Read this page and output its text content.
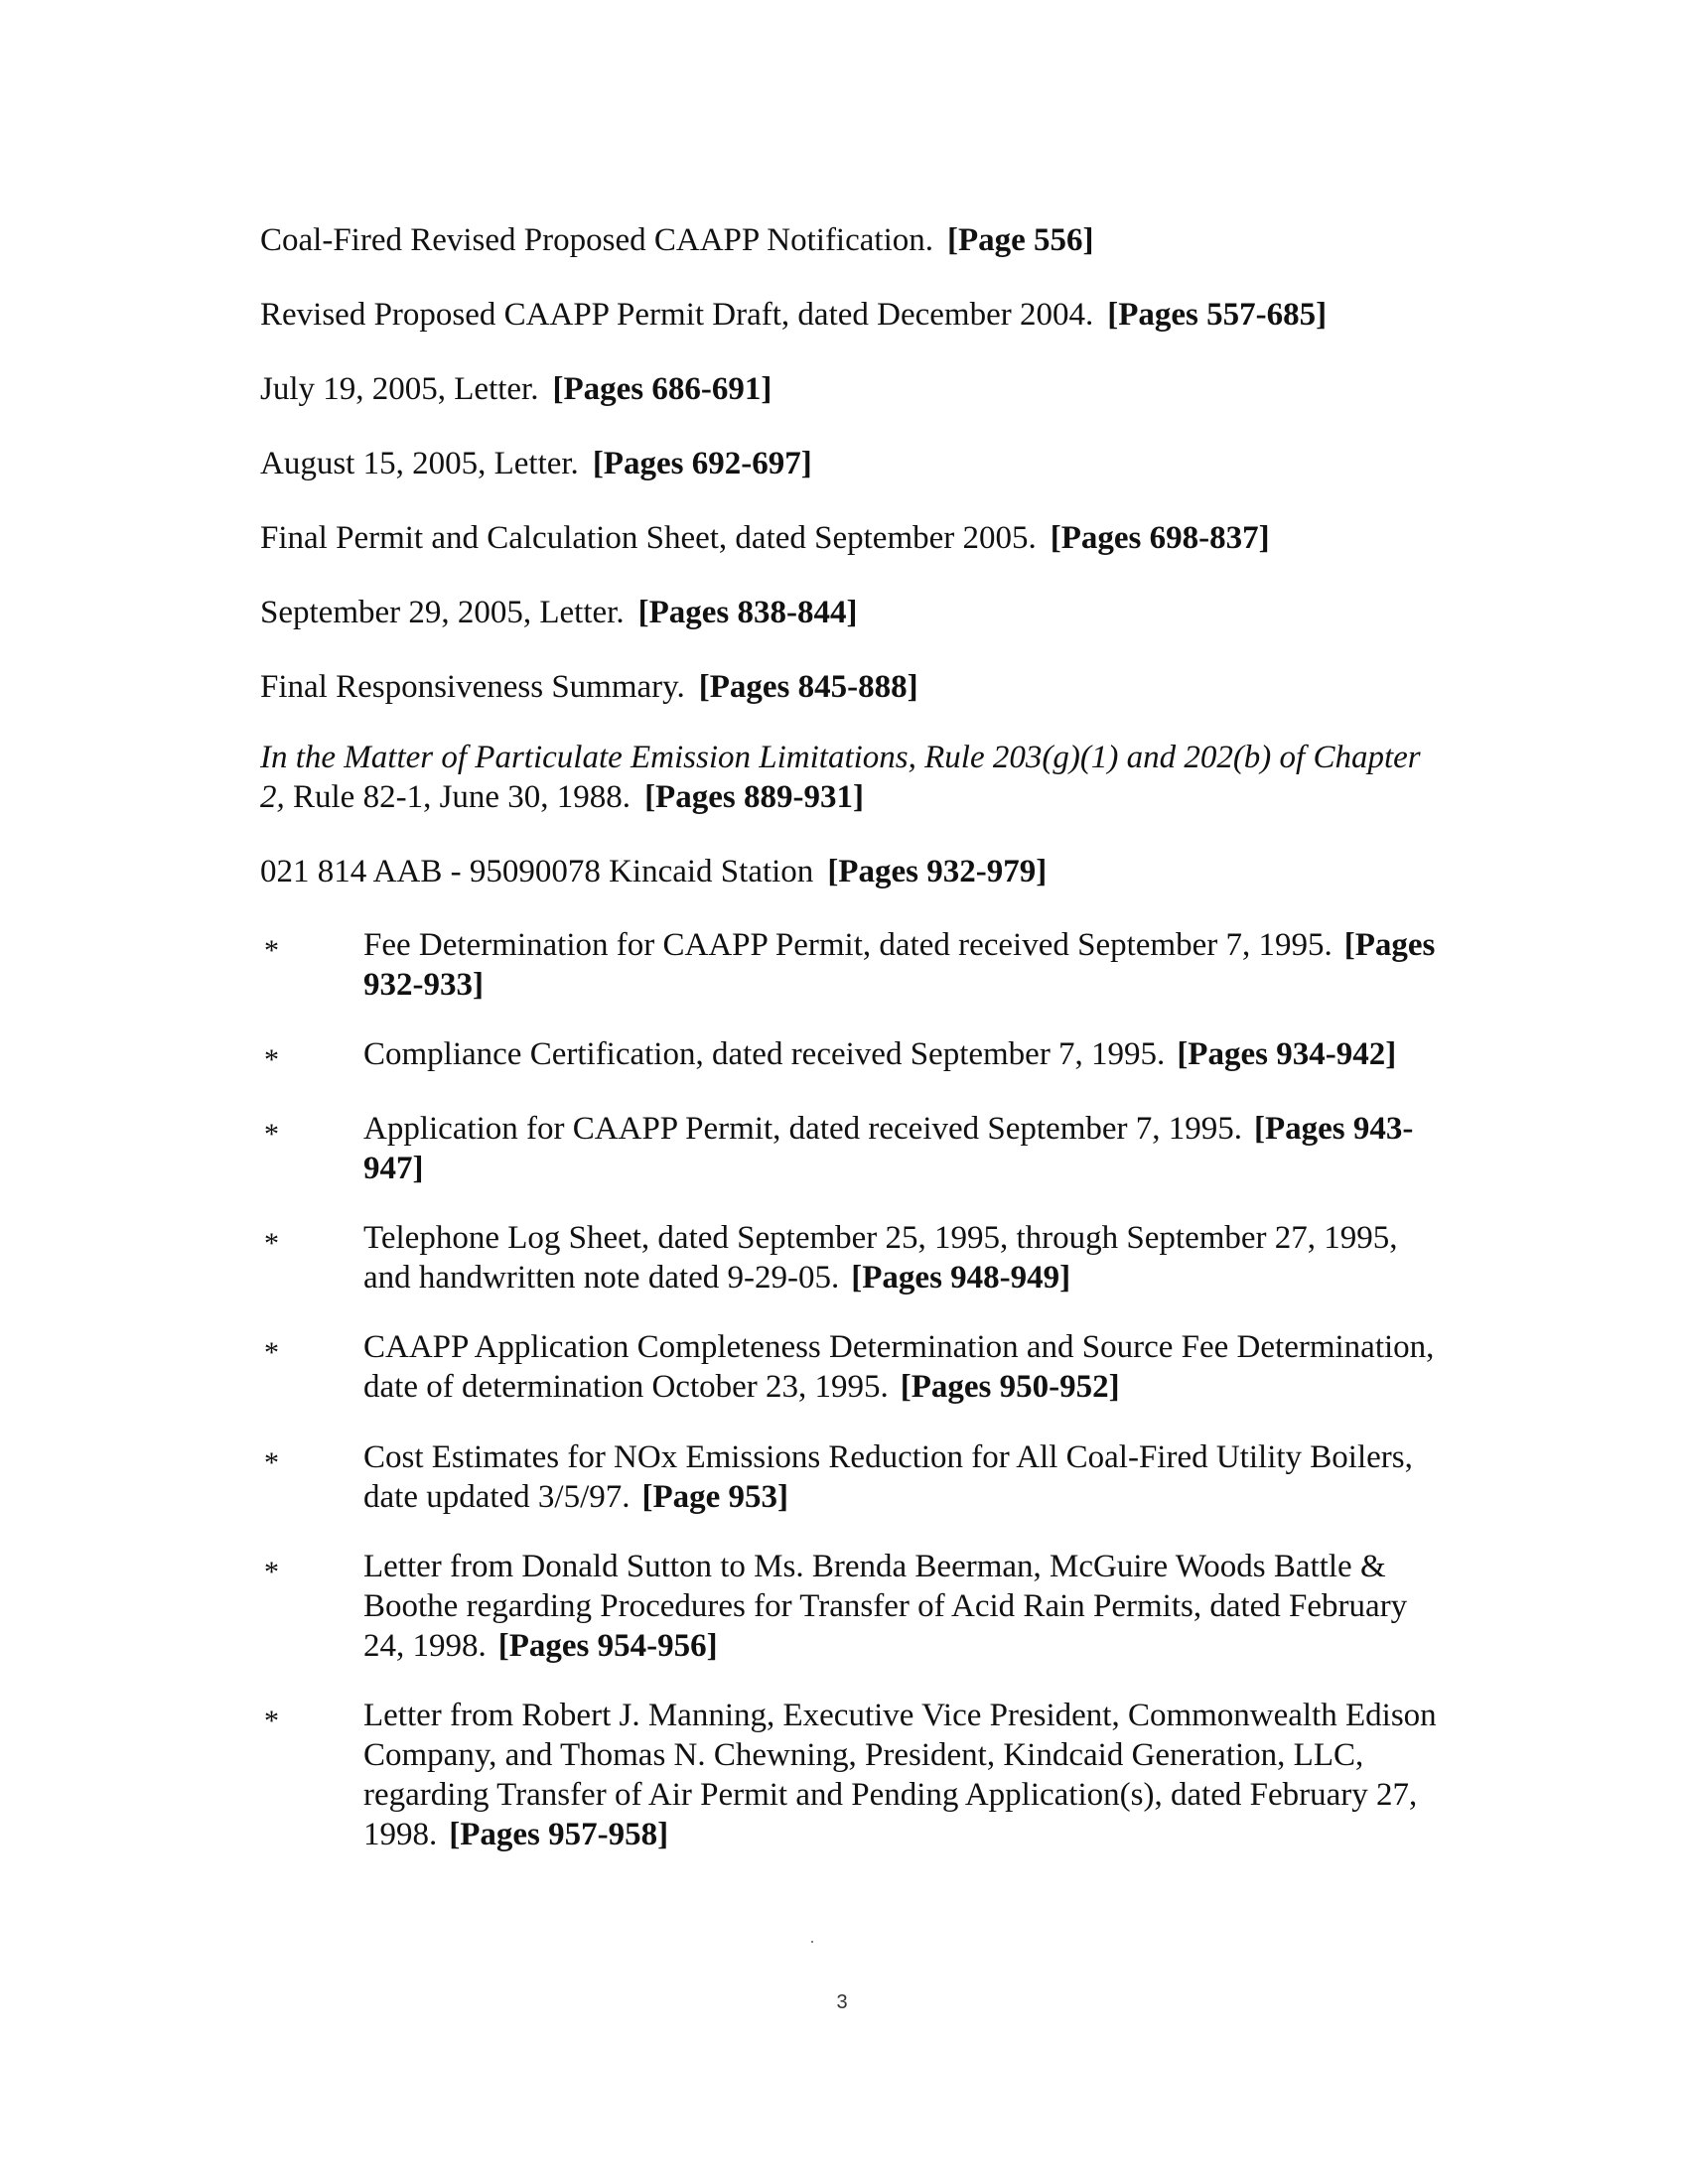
Coal-Fired Revised Proposed CAAPP Notification. [Page 556]
Revised Proposed CAAPP Permit Draft, dated December 2004. [Pages 557-685]
July 19, 2005, Letter. [Pages 686-691]
August 15, 2005, Letter. [Pages 692-697]
Final Permit and Calculation Sheet, dated September 2005. [Pages 698-837]
September 29, 2005, Letter. [Pages 838-844]
Final Responsiveness Summary. [Pages 845-888]
In the Matter of Particulate Emission Limitations, Rule 203(g)(1) and 202(b) of Chapter
2, Rule 82-1, June 30, 1988. [Pages 889-931]
021 814 AAB - 95090078 Kincaid Station [Pages 932-979]
*	Fee Determination for CAAPP Permit, dated received September 7, 1995. [Pages
932-933]
*	Compliance Certification, dated received September 7, 1995. [Pages 934-942]
*	Application for CAAPP Permit, dated received September 7, 1995. [Pages 943-
947]
*	Telephone Log Sheet, dated September 25, 1995, through September 27, 1995,
and handwritten note dated 9-29-05. [Pages 948-949]
*	CAAPP Application Completeness Determination and Source Fee Determination,
date of determination October 23, 1995. [Pages 950-952]
*	Cost Estimates for NOx Emissions Reduction for All Coal-Fired Utility Boilers,
date updated 3/5/97. [Page 953]
*	Letter from Donald Sutton to Ms. Brenda Beerman, McGuire Woods Battle &
Boothe regarding Procedures for Transfer of Acid Rain Permits, dated February
24, 1998. [Pages 954-956]
*	Letter from Robert J. Manning, Executive Vice President, Commonwealth Edison
Company, and Thomas N. Chewning, President, Kindcaid Generation, LLC,
regarding Transfer of Air Permit and Pending Application(s), dated February 27,
1998. [Pages 957-958]
3
